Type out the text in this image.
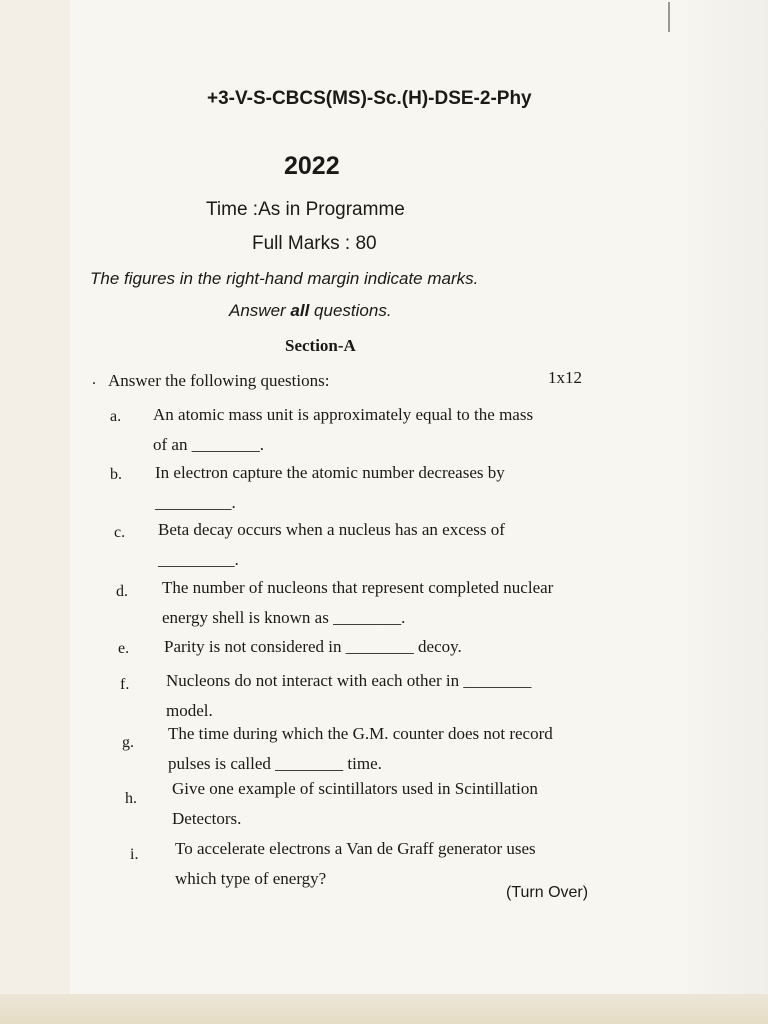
+3-V-S-CBCS(MS)-Sc.(H)-DSE-2-Phy
2022
Time :As in Programme
Full Marks : 80
The figures in the right-hand margin indicate marks.
Answer all questions.
Section-A
. Answer the following questions:	1x12
a. An atomic mass unit is approximately equal to the mass
of an ________.
b. In electron capture the atomic number decreases by
_________.
c. Beta decay occurs when a nucleus has an excess of
_________.
d. The number of nucleons that represent completed nuclear
energy shell is known as ________.
e. Parity is not considered in ________ decoy.
f. Nucleons do not interact with each other in ________
model.
g. The time during which the G.M. counter does not record
pulses is called ________ time.
h.
Give one example of scintillators used in Scintillation
Detectors.
i. To accelerate electrons a Van de Graff generator uses
which type of energy?
(Turn Over)
